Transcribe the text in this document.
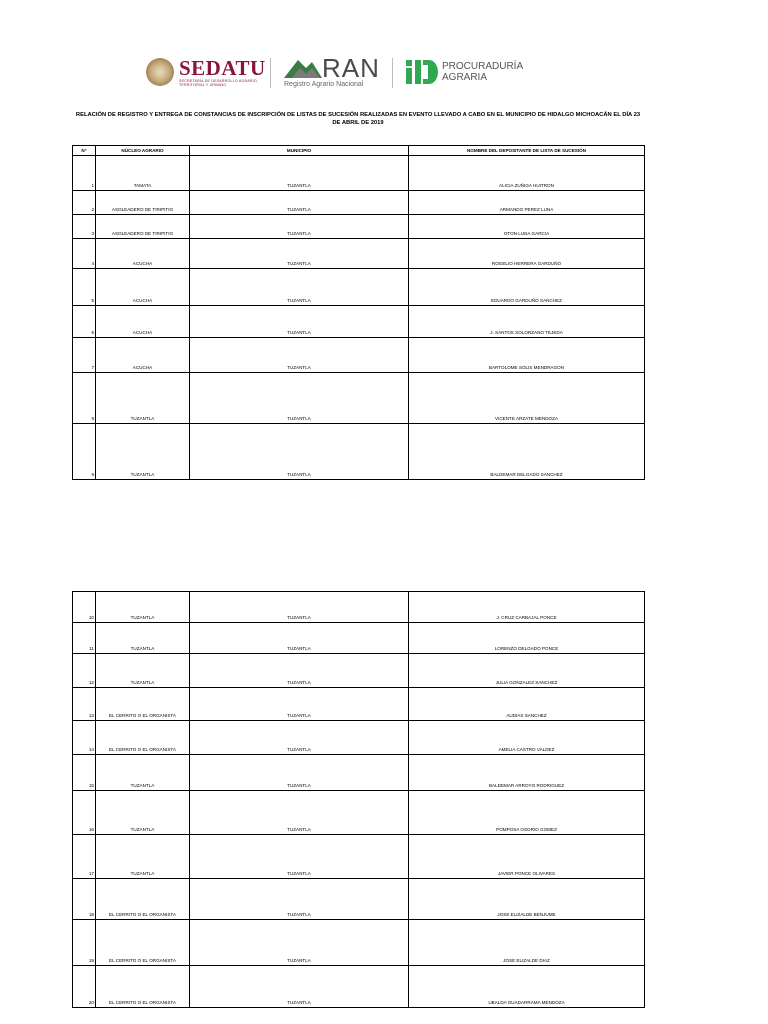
SEDATU
SECRETARÍA DE DESARROLLO AGRARIO, TERRITORIAL Y URBANO
RAN
Registro Agrario Nacional
PROCURADURÍA
AGRARIA
RELACIÓN DE REGISTRO Y ENTREGA DE CONSTANCIAS DE INSCRIPCIÓN DE LISTAS DE SUCESIÓN REALIZADAS EN EVENTO LLEVADO A CABO EN EL MUNICIPIO DE HIDALGO MICHOACÁN EL DÍA 23 DE ABRIL DE 2019
N°	NÚCLEO AGRARIO	MUNICIPIO	NOMBRE DEL DEPOSITANTE DE LISTA DE SUCESIÓN
1	TAMATA	TUZANTLA	ALICIA ZUÑIGA HUITRON
2	ASOLEADERO DE TIRIPITIO	TUZANTLA	ARMANDO PEREZ LUNA
3	ASOLEADERO DE TIRIPITIO	TUZANTLA	OTON LUNA GARCIA
4	ACUCHA	TUZANTLA	ROGELIO HERRERA GARDUÑO
5	ACUCHA	TUZANTLA	EDUARDO GARDUÑO SANCHEZ
6	ACUCHA	TUZANTLA	J. SANTOS SOLORZANO TEJEDA
7	ACUCHA	TUZANTLA	BARTOLOME SOLIS MENDRAGON
8	TUZANTLA	TUZANTLA	VICENTE ARZATE MENDOZA
9	TUZANTLA	TUZANTLA	BALDEMAR DELGADO SANCHEZ
10	TUZANTLA	TUZANTLA	J. CRUZ CARBAJAL PONCE
11	TUZANTLA	TUZANTLA	LORENZO DELGADO PONCE
12	TUZANTLA	TUZANTLA	JULIA GONZALEZ SANCHEZ
13	EL CERRITO O EL ORGANISTA	TUZANTLA	AUDIAS SANCHEZ
14	EL CERRITO O EL ORGANISTA	TUZANTLA	AMELIA CASTRO VALDEZ
15	TUZANTLA	TUZANTLA	BALDEMAR ARROYO RODRIGUEZ
16	TUZANTLA	TUZANTLA	POMPOSA OSORIO GOMEZ
17	TUZANTLA	TUZANTLA	JAVIER PONCE OLIVARES
18	EL CERRITO O EL ORGANISTA	TUZANTLA	JOSE ELIZALDE BENJUME
19	EL CERRITO O EL ORGANISTA	TUZANTLA	JOSE ELIZALDE DIAZ
20	EL CERRITO O EL ORGANISTA	TUZANTLA	UBALDA GUADARRAMA MENDOZA
